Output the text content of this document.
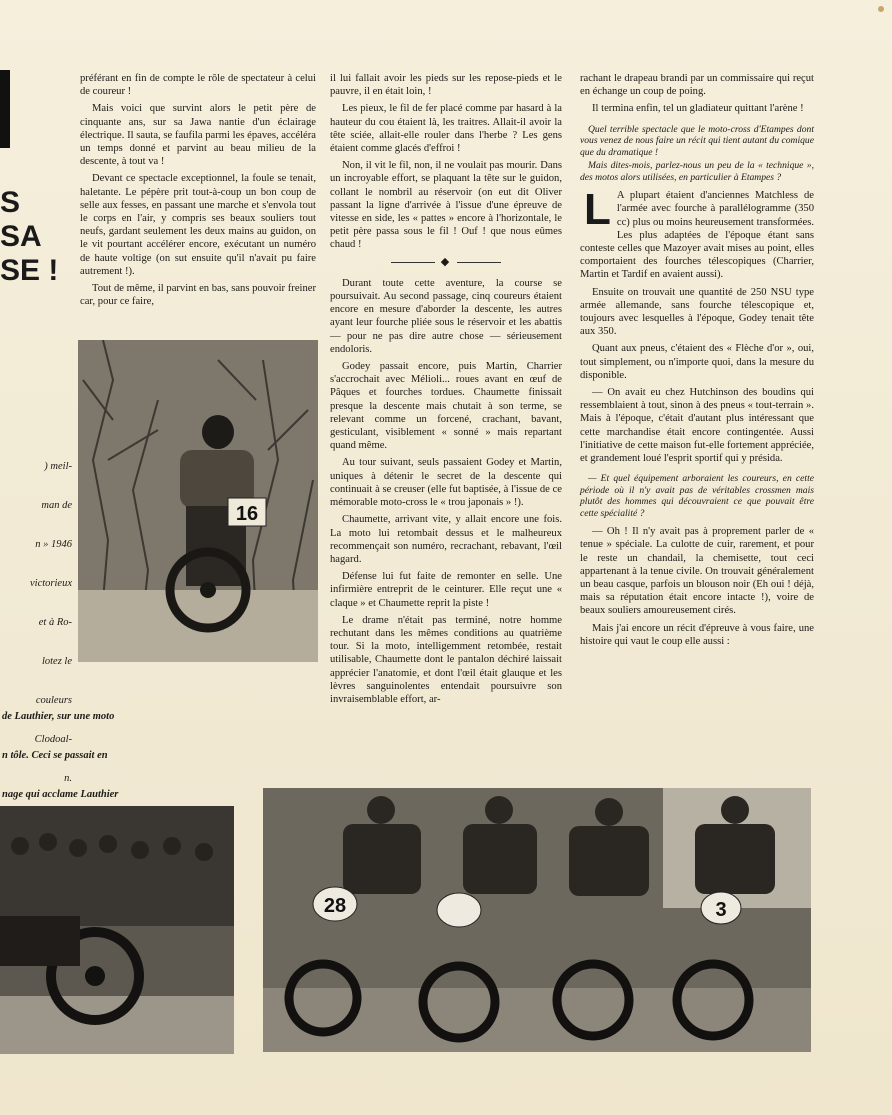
S
SA
SE !

) meil-

man de

n » 1946

victorieux

et à Ro-

lotez le

couleurs

Clodoal-

n.

de Lauthier, sur une moto

n tôle. Ceci se passait en

nage qui acclame Lauthier

préférant en fin de compte le rôle de spectateur à celui de coureur !

Mais voici que survint alors le petit père de cinquante ans, sur sa Jawa nantie d'un éclairage électrique. Il sauta, se faufila parmi les épaves, accéléra un temps donné et parvint au beau milieu de la descente, à tout va !

Devant ce spectacle exceptionnel, la foule se tenait, haletante. Le pépère prit tout-à-coup un bon coup de selle aux fesses, en passant une marche et s'envola tout le corps en l'air, y compris ses beaux souliers tout neufs, gardant seulement les deux mains au guidon, on le vit pourtant accélérer encore, exécutant un numéro de haute voltige (on sut ensuite qu'il n'avait pu faire autrement !).

Tout de même, il parvint en bas, sans pouvoir freiner car, pour ce faire,

16

il lui fallait avoir les pieds sur les repose-pieds et le pauvre, il en était loin, !

Les pieux, le fil de fer placé comme par hasard à la hauteur du cou étaient là, les traitres. Allait-il avoir la tête sciée, allait-elle rouler dans l'herbe ? Les gens étaient comme glacés d'effroi !

Non, il vit le fil, non, il ne voulait pas mourir. Dans un incroyable effort, se plaquant la tête sur le guidon, collant le nombril au réservoir (on eut dit Oliver passant la ligne d'arrivée à l'issue d'une épreuve de vitesse en side, les « pattes » encore à l'horizontale, le petit père passa sous le fil ! Ouf ! que nous eûmes chaud !

◆

Durant toute cette aventure, la course se poursuivait. Au second passage, cinq coureurs étaient encore en mesure d'aborder la descente, les autres ayant leur fourche pliée sous le réservoir et les abattis — pour ne pas dire autre chose — sérieusement endoloris.

Godey passait encore, puis Martin, Charrier s'accrochait avec Mélioli... roues avant en œuf de Pâques et fourches tordues. Chaumette finissait presque la descente mais chutait à son terme, se relevant comme un forcené, crachant, bavant, gesticulant, visiblement « sonné » mais repartant quand même.

Au tour suivant, seuls passaient Godey et Martin, uniques à détenir le secret de la descente qui continuait à se creuser (elle fut baptisée, à l'issue de ce mémorable moto-cross le « trou japonais » !).

Chaumette, arrivant vite, y allait encore une fois. La moto lui retombait dessus et le malheureux recommençait son numéro, recrachant, rebavant, l'œil hagard.

Défense lui fut faite de remonter en selle. Une infirmière entreprit de le ceinturer. Elle reçut une « claque » et Chaumette reprit la piste !

Le drame n'était pas terminé, notre homme rechutant dans les mêmes conditions au quatrième tour. Si la moto, intelligemment retombée, restait utilisable, Chaumette dont le pantalon déchiré laissait apprécier l'anatomie, et dont l'œil était glauque et les lèvres sanguinolentes entendait poursuivre son invraisemblable effort, ar-

rachant le drapeau brandi par un commissaire qui reçut en échange un coup de poing.

Il termina enfin, tel un gladiateur quittant l'arène !

Quel terrible spectacle que le moto-cross d'Etampes dont vous venez de nous faire un récit qui tient autant du comique que du dramatique !

Mais dites-mois, parlez-nous un peu de la « technique », des motos alors utilisées, en particulier à Etampes ?

L A plupart étaient d'anciennes Matchless de l'armée avec fourche à parallélogramme (350 cc) plus ou moins heureusement transformées. Les plus adaptées de l'époque étant sans conteste celles que Mazoyer avait mises au point, elles comportaient des fourches télescopiques (Charrier, Martin et Tardif en avaient aussi).

Ensuite on trouvait une quantité de 250 NSU type armée allemande, sans fourche télescopique et, toujours avec lesquelles à l'époque, Godey tenait tête aux 350.

Quant aux pneus, c'étaient des « Flèche d'or », oui, tout simplement, ou n'importe quoi, dans la mesure du disponible.

— On avait eu chez Hutchinson des boudins qui ressemblaient à tout, sinon à des pneus « tout-terrain ». Mais à l'époque, c'était d'autant plus intéressant que cette marchandise était encore contingentée. Aussi l'initiative de cette maison fut-elle fortement appréciée, et grandement loué l'esprit sportif qui y présida.

— Et quel équipement arboraient les coureurs, en cette période où il n'y avait pas de véritables crossmen mais plutôt des hommes qui découvraient ce que pouvait être cette spécialité ?

— Oh ! Il n'y avait pas à proprement parler de « tenue » spéciale. La culotte de cuir, rarement, et pour le reste un chandail, la chemisette, tout ceci appartenant à la tenue civile. On trouvait généralement un beau casque, parfois un blouson noir (Eh oui ! déjà, mais sa réputation était encore intacte !), voire de beaux souliers amoureusement cirés.

Mais j'ai encore un récit d'épreuve à vous faire, une histoire qui vaut le coup elle aussi :

28	3
